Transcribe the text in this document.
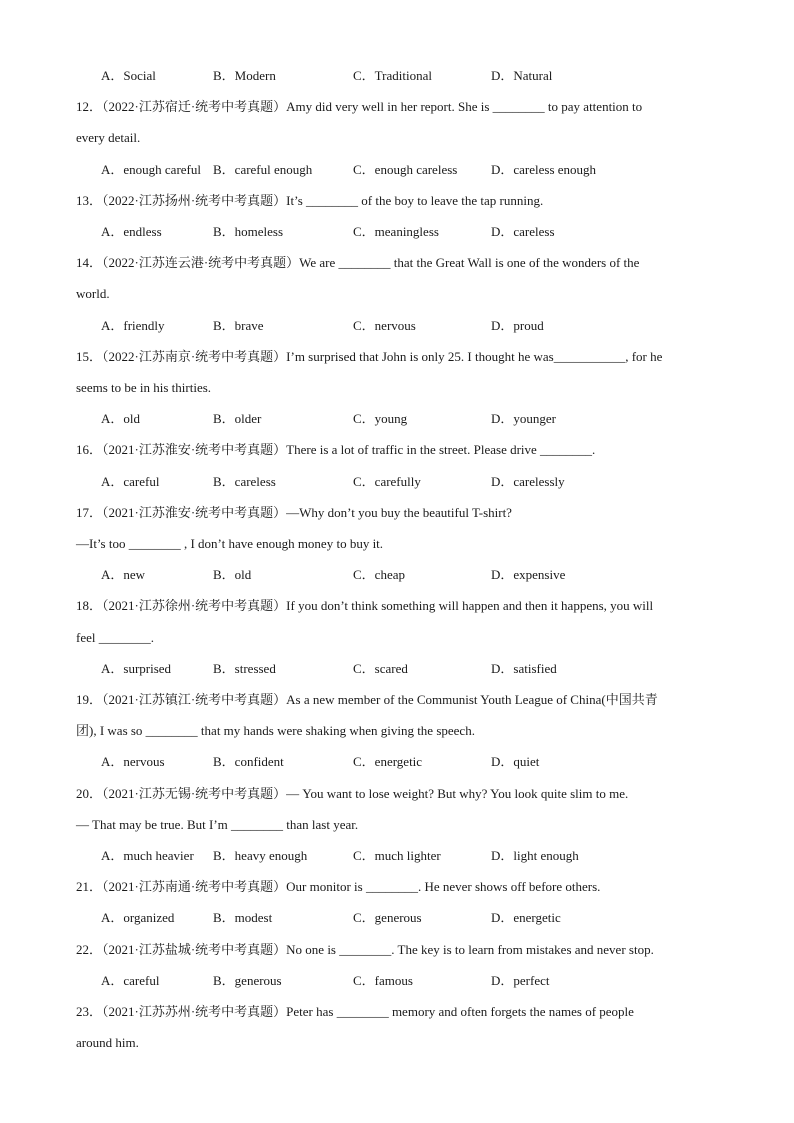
A．Social	B．Modern	C．Traditional	D．Natural
12．（2022·江苏宿迁·统考中考真题）Amy did very well in her report. She is ________ to pay attention to
every detail.
A．enough careful B．careful enough	C．enough careless	D．careless enough
13．（2022·江苏扬州·统考中考真题）It’s ________ of the boy to leave the tap running.
A．endless	B．homeless	C．meaningless	D．careless
14．（2022·江苏连云港·统考中考真题）We are ________ that the Great Wall is one of the wonders of the
world.
A．friendly	B．brave	C．nervous	D．proud
15．（2022·江苏南京·统考中考真题）I’m surprised that John is only 25. I thought he was___________, for he
seems to be in his thirties.
A．old	B．older	C．young	D．younger
16．（2021·江苏淮安·统考中考真题）There is a lot of traffic in the street. Please drive ________.
A．careful	B．careless	C．carefully	D．carelessly
17．（2021·江苏淮安·统考中考真题）—Why don’t you buy the beautiful T-shirt?
—It’s too ________ , I don’t have enough money to buy it.
A．new	B．old	C．cheap	D．expensive
18．（2021·江苏徐州·统考中考真题）If you don’t think something will happen and then it happens, you will
feel ________.
A．surprised	B．stressed	C．scared	D．satisfied
19．（2021·江苏镇江·统考中考真题）As a new member of the Communist Youth League of China(中国共青
团), I was so ________ that my hands were shaking when giving the speech.
A．nervous	B．confident	C．energetic	D．quiet
20．（2021·江苏无锡·统考中考真题）— You want to lose weight? But why? You look quite slim to me.
— That may be true. But I’m ________ than last year.
A．much heavier B．heavy enough	C．much lighter	D．light enough
21．（2021·江苏南通·统考中考真题）Our monitor is ________. He never shows off before others.
A．organized	B．modest	C．generous	D．energetic
22．（2021·江苏盐城·统考中考真题）No one is ________. The key is to learn from mistakes and never stop.
A．careful	B．generous	C．famous	D．perfect
23．（2021·江苏苏州·统考中考真题）Peter has ________ memory and often forgets the names of people
around him.
